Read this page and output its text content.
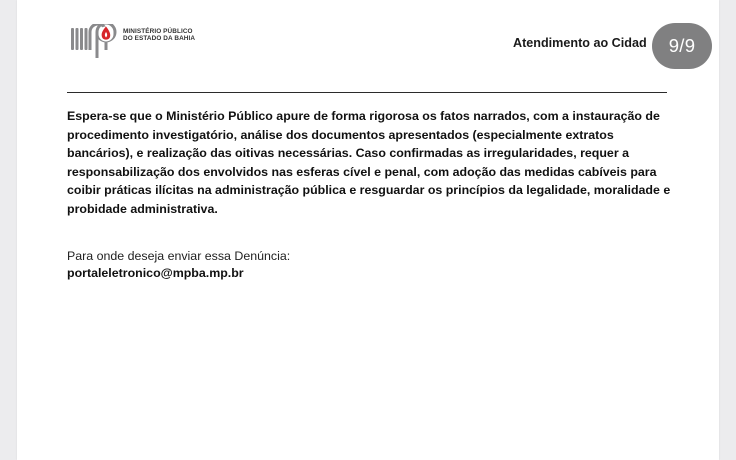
MINISTÉRIO PÚBLICO
DO ESTADO DA BAHIA	Atendimento ao Cidad
Espera-se que o Ministério Público apure de forma rigorosa os fatos narrados, com a instauração de procedimento investigatório, análise dos documentos apresentados (especialmente extratos bancários), e realização das oitivas necessárias. Caso confirmadas as irregularidades, requer a responsabilização dos envolvidos nas esferas cível e penal, com adoção das medidas cabíveis para coibir práticas ilícitas na administração pública e resguardar os princípios da legalidade, moralidade e probidade administrativa.
Para onde deseja enviar essa Denúncia:
portaleletronico@mpba.mp.br
9/9
